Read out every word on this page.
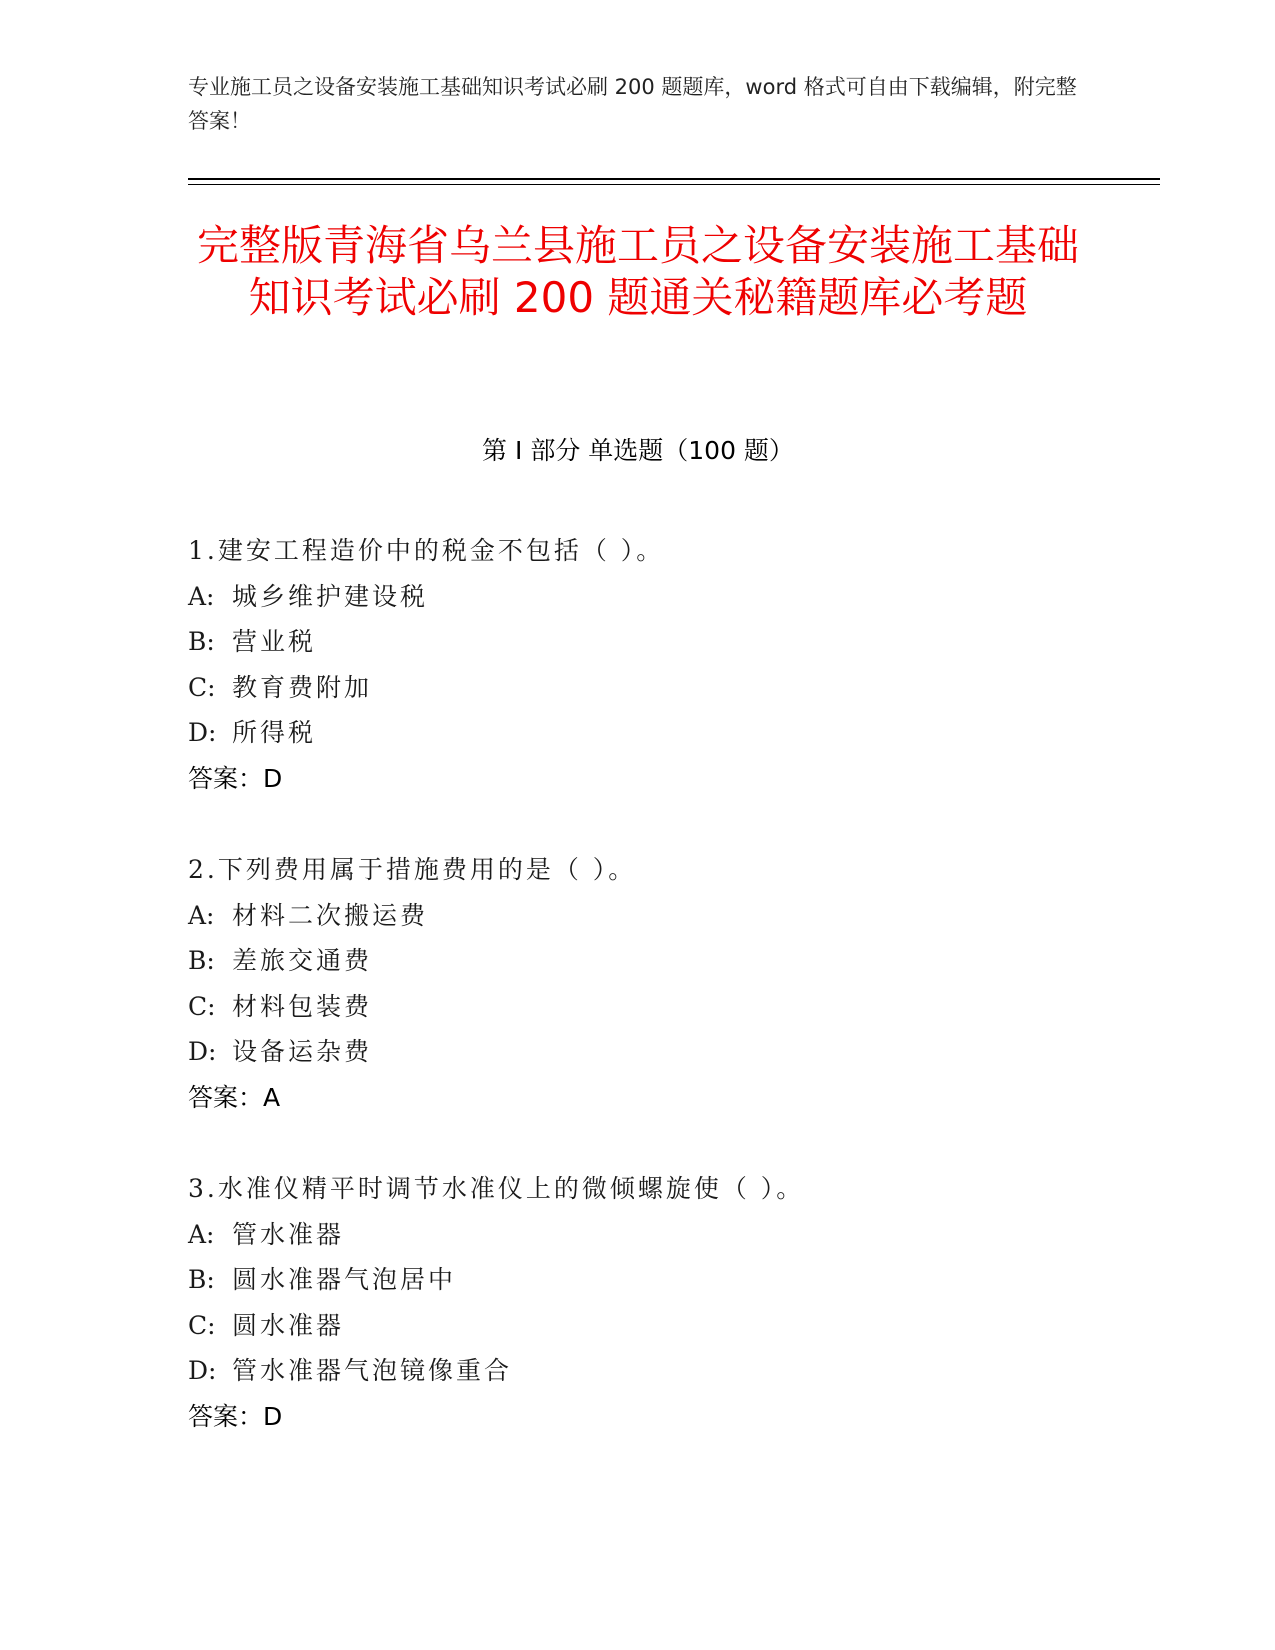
专业施工员之设备安装施工基础知识考试必刷 200 题题库，word 格式可自由下载编辑，附完整答案！
完整版青海省乌兰县施工员之设备安装施工基础知识考试必刷 200 题通关秘籍题库必考题
第 I 部分 单选题（100 题）
1.建安工程造价中的税金不包括（ ）。
A: 城乡维护建设税
B: 营业税
C: 教育费附加
D: 所得税
答案：D
2.下列费用属于措施费用的是（ ）。
A: 材料二次搬运费
B: 差旅交通费
C: 材料包装费
D: 设备运杂费
答案：A
3.水准仪精平时调节水准仪上的微倾螺旋使（ ）。
A: 管水准器
B: 圆水准器气泡居中
C: 圆水准器
D: 管水准器气泡镜像重合
答案：D
